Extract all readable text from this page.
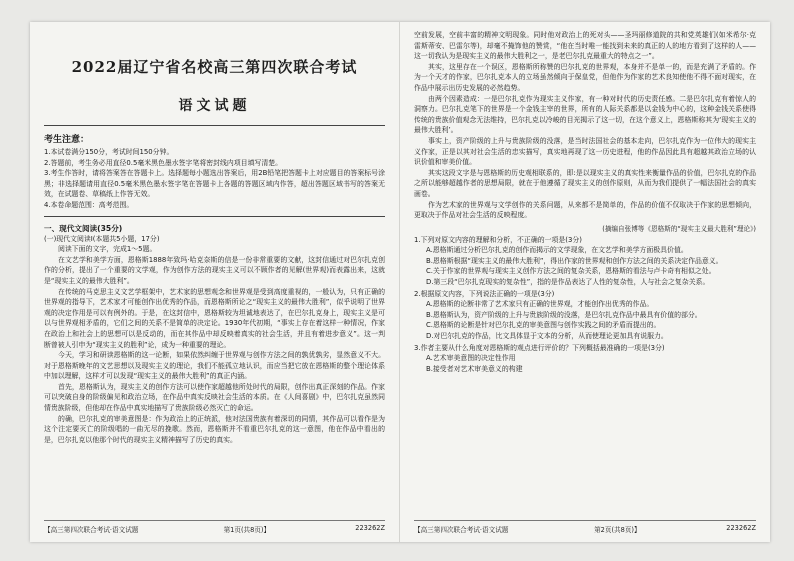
2022届辽宁省名校高三第四次联合考试
语文试题
考生注意：

1.本试卷满分150分，考试时间150分钟。

2.答题前，考生务必用直径0.5毫米黑色墨水签字笔将密封线内项目填写清楚。

3.考生作答时，请将答案答在答题卡上。选择题每小题选出答案后，用2B铅笔把答题卡上对应题目的答案标号涂黑；非选择题请用直径0.5毫米黑色墨水签字笔在答题卡上各题的答题区域内作答，超出答题区域书写的答案无效，在试题卷、草稿纸上作答无效。

4.本卷命题范围：高考范围。

一、现代文阅读(35分)

(一)现代文阅读Ⅰ(本题共5小题，17分)

阅读下面的文字，完成1～5题。

在文艺学和美学方面，恩格斯1888年致玛·哈克奈斯的信是一份非常重要的文献，这封信通过对巴尔扎克创作的分析，提出了一个重要的文学观，作为创作方法的现实主义可以不顾作者的见解(世界观)而表露出来，这就是“现实主义的最伟大胜利”。

在传统的马克思主义文艺学框架中，艺术家的思想观念和世界观是受到高度重视的，一般认为，只有正确的世界观的指导下，艺术家才可能创作出优秀的作品，而恩格斯所论之“现实主义的最伟大胜利”，似乎说明了世界观的决定作用是可以有例外的。于是，在这封信中，恩格斯较为坦诚地表达了，在巴尔扎克身上，现实主义是可以与世界观相矛盾的，它们之间的关系不是简单的决定论。1930年代初期，“事实上存在着这样一种情况，作家在政治上和社会上的思想可以是反动的，而在其作品中却反映着真实的社会生活，并且有着进步意义”。这一判断曾被人引申为“现实主义的胜利”论，成为一种重要的理论。

今天，学习和研读恩格斯的这一论断，如果依然纠缠于世界观与创作方法之间的孰优孰劣，显然意义不大。对于恩格斯晚年的文艺思想以及现实主义的理论，我们不能孤立地认识，而应当把它放在恩格斯的整个理论体系中加以理解，这样才可以发现“现实主义的最伟大胜利”的真正内涵。

首先，恩格斯认为，现实主义的创作方法可以使作家超越他所处时代的局限，创作出真正深刻的作品。作家可以突破自身的阶级偏见和政治立场，在作品中真实反映社会生活的本质。在《人间喜剧》中，巴尔扎克虽然同情贵族阶级，但他却在作品中真实地描写了贵族阶级必然灭亡的命运。

的确，巴尔扎克的审美意图是：作为政治上的正统派，他对法国贵族有着深切的同情，其作品可以看作是为这个注定要灭亡的阶级唱的一曲无尽的挽歌。然而，恩格斯并不看重巴尔扎克的这一意图，他在作品中看出的是，巴尔扎克以他那个时代的现实主义精神描写了历史的真实。

【高三第四次联合考试·语文试题	第1页(共8页)】	223262Z

空前发展，空前丰富的精神文明现象。同时他对政治上的死对头——圣玛丽修道院的共和党英雄们(如米希尔·克雷斯蒂安、巴雷尔等)，却毫不掩饰他的赞赏，“他在当时唯一能找到未来的真正的人的地方看到了这样的人——这一切我认为是现实主义的最伟大胜利之一，是老巴尔扎克最重大的特点之一”。

其实，这里存在一个误区，恩格斯所称赞的巴尔扎克的世界观，本身并不是单一的，而是充满了矛盾的。作为一个天才的作家，巴尔扎克本人的立场虽然倾向于保皇党，但他作为作家的艺术良知使他不得不面对现实，在作品中展示出历史发展的必然趋势。

由两个因素造成：一是巴尔扎克作为现实主义作家，有一种对时代的历史责任感。二是巴尔扎克有着惊人的洞察力。巴尔扎克笔下的世界是一个金钱主宰的世界，所有的人际关系都是以金钱为中心的，这种金钱关系使得传统的贵族价值观念无法维持，巴尔扎克以冷峻的目光揭示了这一切，在这个意义上，恩格斯称其为‘现实主义的最伟大胜利’。

事实上，资产阶级的上升与贵族阶级的没落，是当时法国社会的基本走向，巴尔扎克作为一位伟大的现实主义作家，正是以其对社会生活的忠实描写，真实地再现了这一历史进程，他的作品因此具有超越其政治立场的认识价值和审美价值。

其实这段文字是与恩格斯的历史观相联系的，即:是以现实主义的真实性来衡量作品的价值，巴尔扎克的作品之所以能够超越作者的思想局限，就在于他遵循了现实主义的创作原则，从而为我们提供了一幅法国社会的真实画卷。

作为艺术家的世界观与文学创作的关系问题，从来都不是简单的，作品的价值不仅取决于作家的思想倾向，更取决于作品对社会生活的反映程度。

(摘编自张博等《恩格斯的“现实主义最大胜利”理论》)

1.下列对原文内容的理解和分析，不正确的一项是(3分)

A.恩格斯通过分析巴尔扎克的创作而揭示的文学现象，在文艺学和美学方面极具价值。

B.恩格斯根据“现实主义的最伟大胜利”，得出作家的世界观和创作方法之间的关系决定作品意义。

C.关于作家的世界观与现实主义创作方法之间的复杂关系，恩格斯的看法与卢卡奇有相似之处。

D.第三段“巴尔扎克现实的复杂性”，指的是作品表达了人性的复杂性，人与社会之复杂关系。

2.根据原文内容，下列说法正确的一项是(3分)

A.恩格斯的论断非常了艺术家只有正确的世界观，才能创作出优秀的作品。

B.恩格斯认为，资产阶级的上升与贵族阶级的没落，是巴尔扎克作品中最具有价值的部分。

C.恩格斯的论断是针对巴尔扎克的审美意图与创作实践之间的矛盾而提出的。

D.对巴尔扎克的作品，比文具体显于文本的分析，从而使理论更加具有说服力。

3.作者主要从什么角度对恩格斯的观点进行评价的？下列概括最准确的一项是(3分)

A.艺术审美意图的决定性作用

B.接受者对艺术审美意义的构建

【高三第四次联合考试·语文试题	第2页(共8页)】	223262Z
